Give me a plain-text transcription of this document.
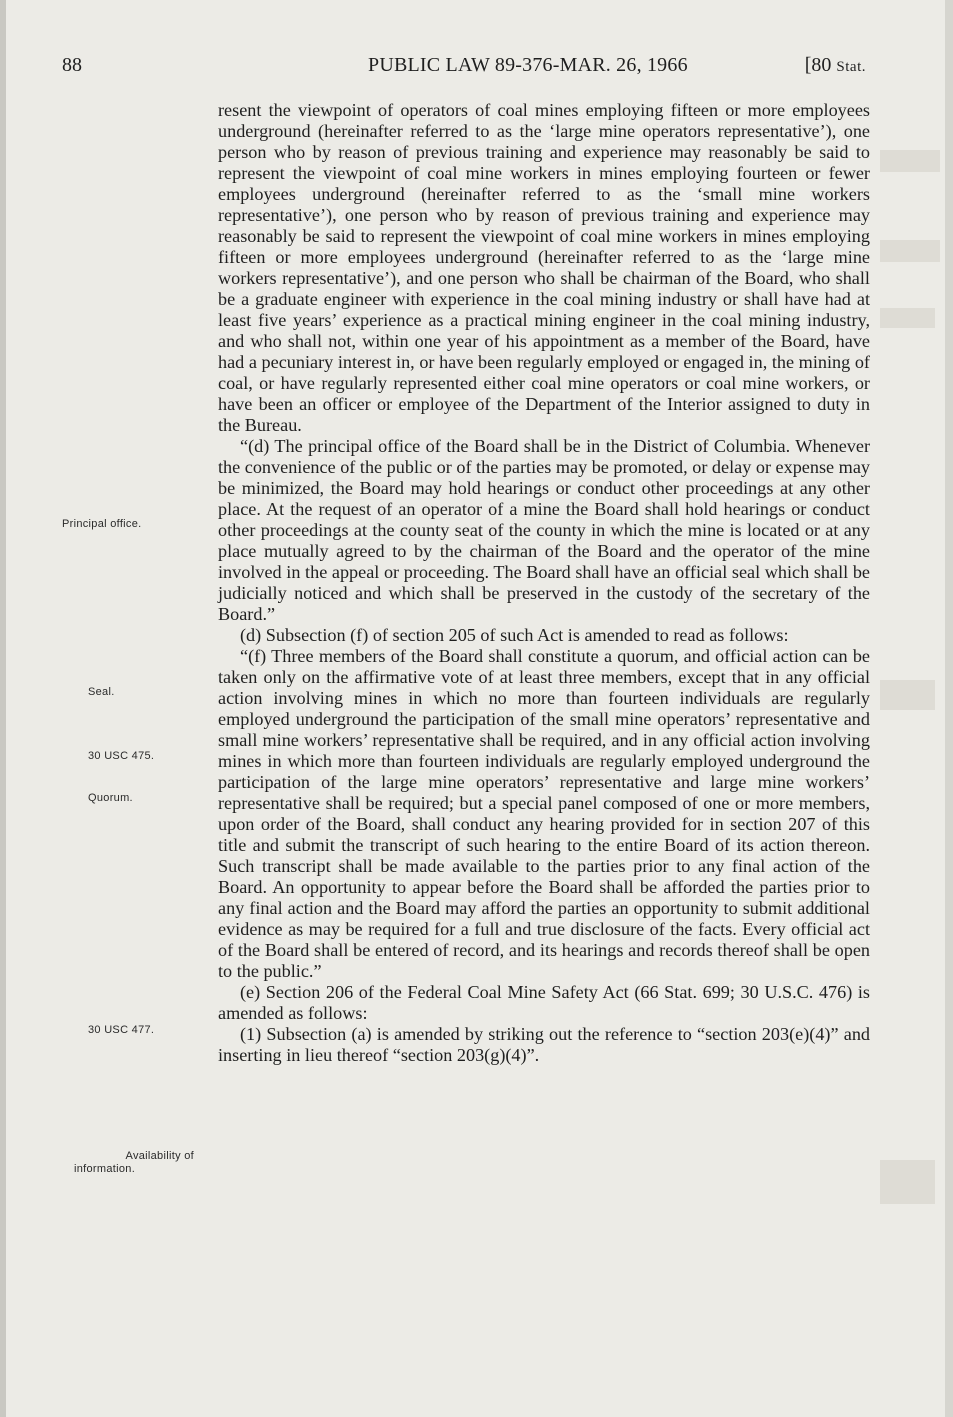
88	PUBLIC LAW 89-376-MAR. 26, 1966	[80 Stat.
Principal office.
Seal.
30 USC 475.
Quorum.
30 USC 477.
Availability of
information.

resent the viewpoint of operators of coal mines employing fifteen or more employees underground (hereinafter referred to as the ‘large mine operators representative’), one person who by reason of previous training and experience may reasonably be said to represent the viewpoint of coal mine workers in mines employing fourteen or fewer employees underground (hereinafter referred to as the ‘small mine workers representative’), one person who by reason of previous training and experience may reasonably be said to represent the viewpoint of coal mine workers in mines employing fifteen or more employees underground (hereinafter referred to as the ‘large mine workers representative’), and one person who shall be chairman of the Board, who shall be a graduate engineer with experience in the coal mining industry or shall have had at least five years’ experience as a practical mining engineer in the coal mining industry, and who shall not, within one year of his appointment as a member of the Board, have had a pecuniary interest in, or have been regularly employed or engaged in, the mining of coal, or have regularly represented either coal mine operators or coal mine workers, or have been an officer or employee of the Department of the Interior assigned to duty in the Bureau.

“(d) The principal office of the Board shall be in the District of Columbia. Whenever the convenience of the public or of the parties may be promoted, or delay or expense may be minimized, the Board may hold hearings or conduct other proceedings at any other place. At the request of an operator of a mine the Board shall hold hearings or conduct other proceedings at the county seat of the county in which the mine is located or at any place mutually agreed to by the chairman of the Board and the operator of the mine involved in the appeal or proceeding. The Board shall have an official seal which shall be judicially noticed and which shall be preserved in the custody of the secretary of the Board.”

(d) Subsection (f) of section 205 of such Act is amended to read as follows:

“(f) Three members of the Board shall constitute a quorum, and official action can be taken only on the affirmative vote of at least three members, except that in any official action involving mines in which no more than fourteen individuals are regularly employed underground the participation of the small mine operators’ representative and small mine workers’ representative shall be required, and in any official action involving mines in which more than fourteen individuals are regularly employed underground the participation of the large mine operators’ representative and large mine workers’ representative shall be required; but a special panel composed of one or more members, upon order of the Board, shall conduct any hearing provided for in section 207 of this title and submit the transcript of such hearing to the entire Board of its action thereon. Such transcript shall be made available to the parties prior to any final action of the Board. An opportunity to appear before the Board shall be afforded the parties prior to any final action and the Board may afford the parties an opportunity to submit additional evidence as may be required for a full and true disclosure of the facts. Every official act of the Board shall be entered of record, and its hearings and records thereof shall be open to the public.”

(e) Section 206 of the Federal Coal Mine Safety Act (66 Stat. 699; 30 U.S.C. 476) is amended as follows:

(1) Subsection (a) is amended by striking out the reference to “section 203(e)(4)” and inserting in lieu thereof “section 203(g)(4)”.
